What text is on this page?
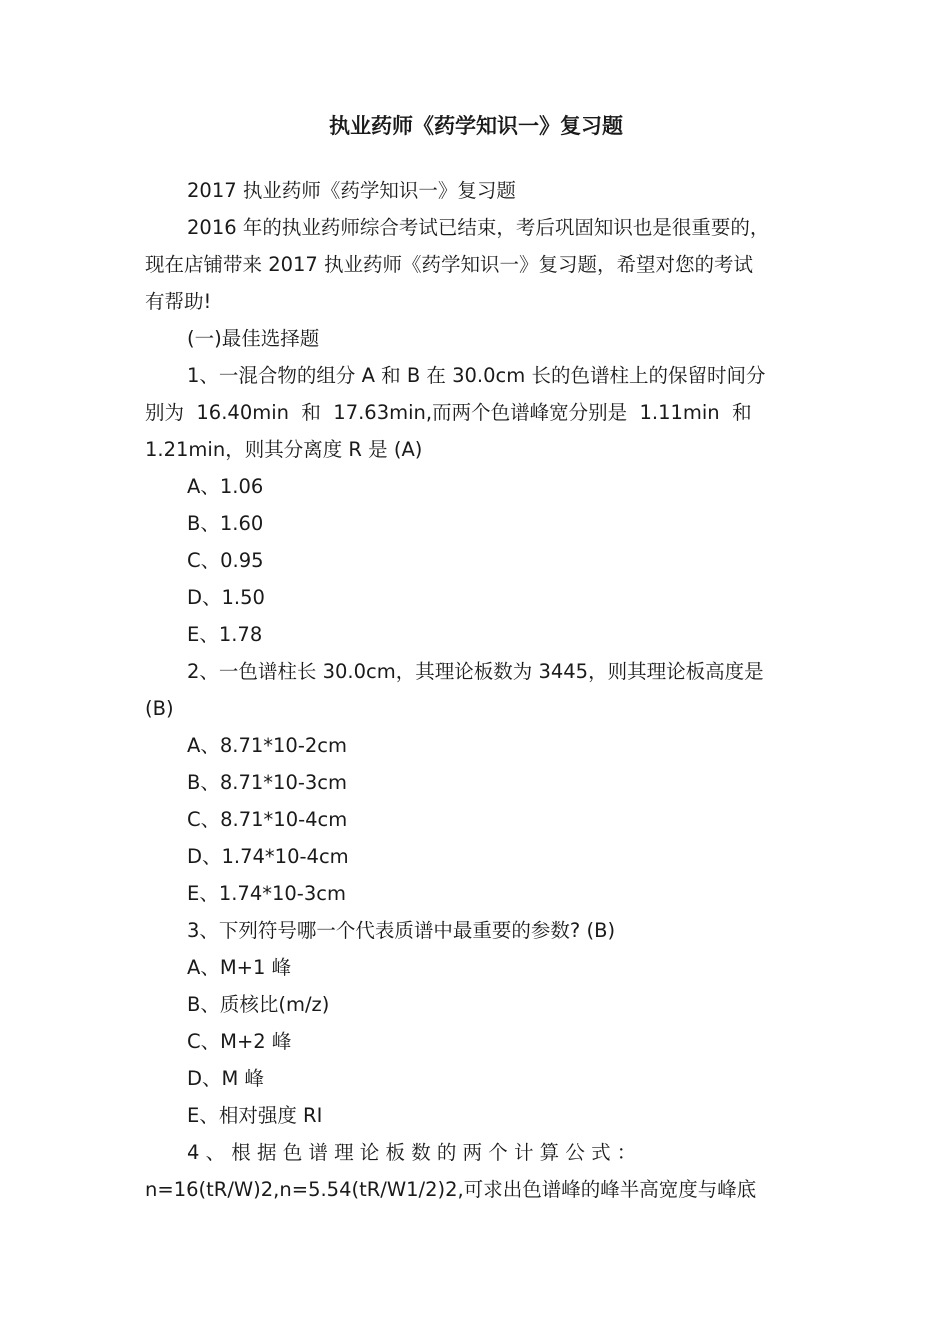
执业药师《药学知识一》复习题

2017 执业药师《药学知识一》复习题

2016 年的执业药师综合考试已结束，考后巩固知识也是很重要的，
现在店铺带来 2017 执业药师《药学知识一》复习题，希望对您的考试
有帮助!

(一)最佳选择题

1、一混合物的组分 A 和 B 在 30.0cm 长的色谱柱上的保留时间分
别为  16.40min  和  17.63min,而两个色谱峰宽分别是  1.11min  和
1.21min，则其分离度 R 是 (A)

A、1.06

B、1.60

C、0.95

D、1.50

E、1.78

2、一色谱柱长 30.0cm，其理论板数为 3445，则其理论板高度是
(B)

A、8.71*10-2cm

B、8.71*10-3cm

C、8.71*10-4cm

D、1.74*10-4cm

E、1.74*10-3cm

3、下列符号哪一个代表质谱中最重要的参数? (B)

A、M+1 峰

B、质核比(m/z)

C、M+2 峰

D、M 峰

E、相对强度 RI

4 、 根 据 色 谱 理 论 板 数 的 两 个 计 算 公 式 ：
n=16(tR/W)2,n=5.54(tR/W1/2)2,可求出色谱峰的峰半高宽度与峰底
